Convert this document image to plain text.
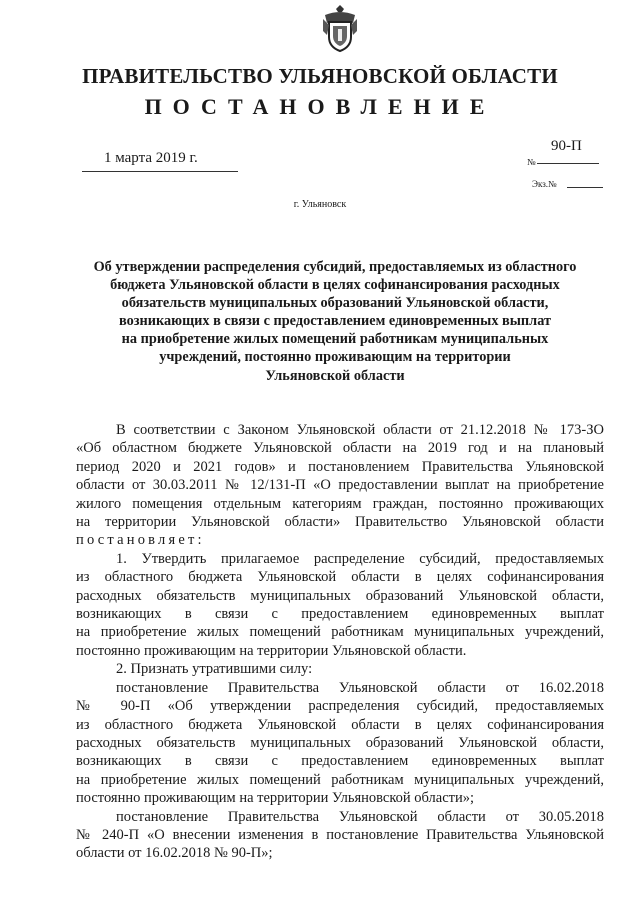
ПРАВИТЕЛЬСТВО УЛЬЯНОВСКОЙ ОБЛАСТИ
ПОСТАНОВЛЕНИЕ
1 марта 2019 г.	№
90-П
Экз.№
г. Ульяновск
Об утверждении распределения субсидий, предоставляемых из областного
бюджета Ульяновской области в целях софинансирования расходных
обязательств муниципальных образований Ульяновской области,
возникающих в связи с предоставлением единовременных выплат
на приобретение жилых помещений работникам муниципальных
учреждений, постоянно проживающим на территории
Ульяновской области
В соответствии с Законом Ульяновской области от 21.12.2018 № 173-ЗО
«Об областном бюджете Ульяновской области на 2019 год и на плановый
период 2020 и 2021 годов» и постановлением Правительства Ульяновской
области от 30.03.2011 № 12/131-П «О предоставлении выплат на приобретение
жилого помещения отдельным категориям граждан, постоянно проживающих
на территории Ульяновской области» Правительство Ульяновской области
постановляет:
1. Утвердить прилагаемое распределение субсидий, предоставляемых
из областного бюджета Ульяновской области в целях софинансирования
расходных обязательств муниципальных образований Ульяновской области,
возникающих в связи с предоставлением единовременных выплат
на приобретение жилых помещений работникам муниципальных учреждений,
постоянно проживающим на территории Ульяновской области.
2. Признать утратившими силу:
постановление Правительства Ульяновской области от 16.02.2018
№ 90-П «Об утверждении распределения субсидий, предоставляемых
из областного бюджета Ульяновской области в целях софинансирования
расходных обязательств муниципальных образований Ульяновской области,
возникающих в связи с предоставлением единовременных выплат
на приобретение жилых помещений работникам муниципальных учреждений,
постоянно проживающим на территории Ульяновской области»;
постановление Правительства Ульяновской области от 30.05.2018
№ 240-П «О внесении изменения в постановление Правительства Ульяновской
области от 16.02.2018 № 90-П»;
